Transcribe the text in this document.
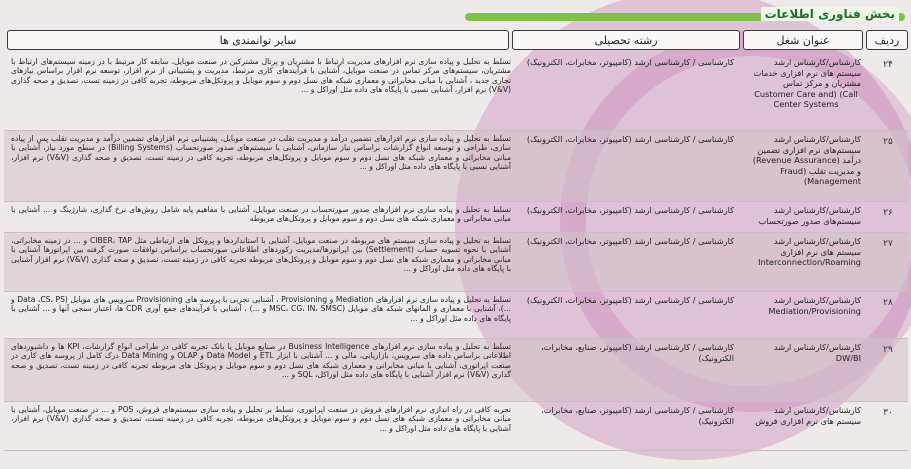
بخش فناوری اطلاعات
ردیف
عنوان شغل
رشته تحصیلی
سایر توانمندی ها
۲۴
کارشناس/کارشناس ارشد سیستم های نرم افزاری خدمات مشتریان و مرکز تماس
Customer Care and) (Call Center Systems
کارشناسی / کارشناسی ارشد (کامپیوتر، مخابرات، الکترونیک)
تسلط به تحلیل و پیاده سازی نرم افزارهای مدیریت ارتباط با مشتریان و پرتال مشترکین در صنعت موبایل، سابقه کار مرتبط با در زمینه سیستم‌های ارتباط با مشتریان، سیستم‌های مرکز تماس در صنعت موبایل، آشنایی با فرآیندهای کاری مرتبط، مدیریت و پشتیبانی از نرم افزار، توسعه نرم افزار براساس نیازهای تجاری جدید ، آشنایی با مبانی مخابراتی و معماری شبکه های نسل دوم و سوم موبایل و پروتکل‌های مربوطه، تجربه کافی در زمینه تست، تصدیق و صحه گذاری (V&V) نرم افزار، آشنایی نسبی با پایگاه های داده مثل اوراکل و ...
۲۵
کارشناس/کارشناس ارشد سیستم‌های نرم افزاری تضمین درآمد (Revenue Assurance) و مدیریت تقلب (Fraud Management)
کارشناسی / کارشناسی ارشد (کامپیوتر، مخابرات، الکترونیک)
تسلط به تحلیل و پیاده سازی نرم افزارهای تضمین درآمد و مدیریت تقلب در صنعت موبایل، پشتیبانی نرم افزارهای تضمین درآمد و مدیریت تقلب پس از پیاده سازی، طراحی و توسعه انواع گزارشات براساس نیاز سازمانی، آشنایی با سیستم‌های صدور صورتحساب (Billing Systems) در سطح مورد نیاز، آشنایی با مبانی مخابراتی و معماری شبکه های نسل دوم و سوم موبایل و پروتکل‌های مربوطه، تجربه کافی در زمینه تست، تصدیق و صحه گذاری (V&V) نرم افزار، آشنایی نسبی با پایگاه های داده مثل اوراکل و ...
۲۶
کارشناس/کارشناس ارشد سیستم‌های صدور صورتحساب
کارشناسی / کارشناسی ارشد (کامپیوتر، مخابرات، الکترونیک)
تسلط به تحلیل و پیاده سازی نرم افزارهای صدور صورتحساب در صنعت موبایل، آشنایی با مفاهیم پایه شامل روش‌های نرخ گذاری، شارژینگ و ... آشنایی با مبانی مخابراتی و معماری شبکه های نسل دوم و سوم موبایل و پروتکل‌های مربوطه
۲۷
کارشناس/کارشناس ارشد سیستم های نرم افزاری Interconnection/Roaming
کارشناسی / کارشناسی ارشد (کامپیوتر، مخابرات، الکترونیک)
تسلط به تحلیل و پیاده سازی سیستم های مربوطه در صنعت موبایل، آشنایی با استانداردها و پروتکل های ارتباطی مثل CIBER، TAP و ... در زمینه مخابراتی، آشنایی با نحوه تسویه حساب (Settlement) بین اپراتورها/مدیریت رکوردهای اطلاعاتی صورتحساب براساس توافقات صورت گرفته بین اپراتورها آشنایی با مبانی مخابراتی و معماری شبکه های نسل دوم و سوم موبایل و پروتکل‌های مربوطه تجربه کافی در زمینه تست، تصدیق و صحه گذاری (V&V) نرم افزار آشنایی با پایگاه های داده مثل اوراکل و ...
۲۸
کارشناس/کارشناس ارشد Mediation/Provisioning
کارشناسی / کارشناسی ارشد (کامپیوتر، مخابرات، الکترونیک)
تسلط به تحلیل و پیاده سازی نرم افزارهای Mediation و Provisioning ، آشنایی تجربی با پروسه های Provisioning سرویس های موبایل (Data ،CS، PS و ...)، آشنایی با معماری و المانهای شبکه های موبایل (MSC، CG، IN، SMSC و ...) ، آشنایی با فرآیندهای جمع آوری CDR ها، اعتبار سنجی آنها و ... آشنایی با پایگاه های داده مثل اوراکل و ...
۲۹
کارشناس/کارشناس ارشد DW/BI
کارشناسی / کارشناسی ارشد (کامپیوتر، صنایع، مخابرات، الکترونیک)
تسلط به تحلیل و پیاده سازی نرم افزارهای Business Intelligence در صنایع موبایل یا بانک تجربه کافی در طراحی انواع گزارشات، KPI ها و داشبوردهای اطلاعاتی براساس داده های سرویس، بازاریابی، مالی و ... آشنایی با ابزار ETL و Data Model و OLAP و Data Mining درک کامل از پروسه های کاری در صنعت اپراتوری، آشنایی با مبانی مخابراتی و معماری شبکه های نسل دوم و سوم موبایل و پروتکل های مربوطه تجربه کافی در زمینه تست، تصدیق و صحه گذاری (V&V) نرم افزار آشنایی با پایگاه های داده مثل اوراکل، SQL و ...
۳۰
کارشناس/کارشناس ارشد سیستم های نرم افزاری فروش
کارشناسی / کارشناسی ارشد (کامپیوتر، صنایع، مخابرات، الکترونیک)
تجربه کافی در راه اندازی نرم افزارهای فروش در صنعت اپراتوری، تسلط بر تحلیل و پیاده سازی سیستم‌های فروش، POS و ... در صنعت موبایل، آشنایی با مبانی مخابراتی و معماری شبکه های نسل دوم و سوم موبایل و پروتکل‌های مربوطه، تجربه کافی در زمینه تست، تصدیق و صحه گذاری (V&V) نرم افزار، آشنایی با پایگاه های داده مثل اوراکل و ...
